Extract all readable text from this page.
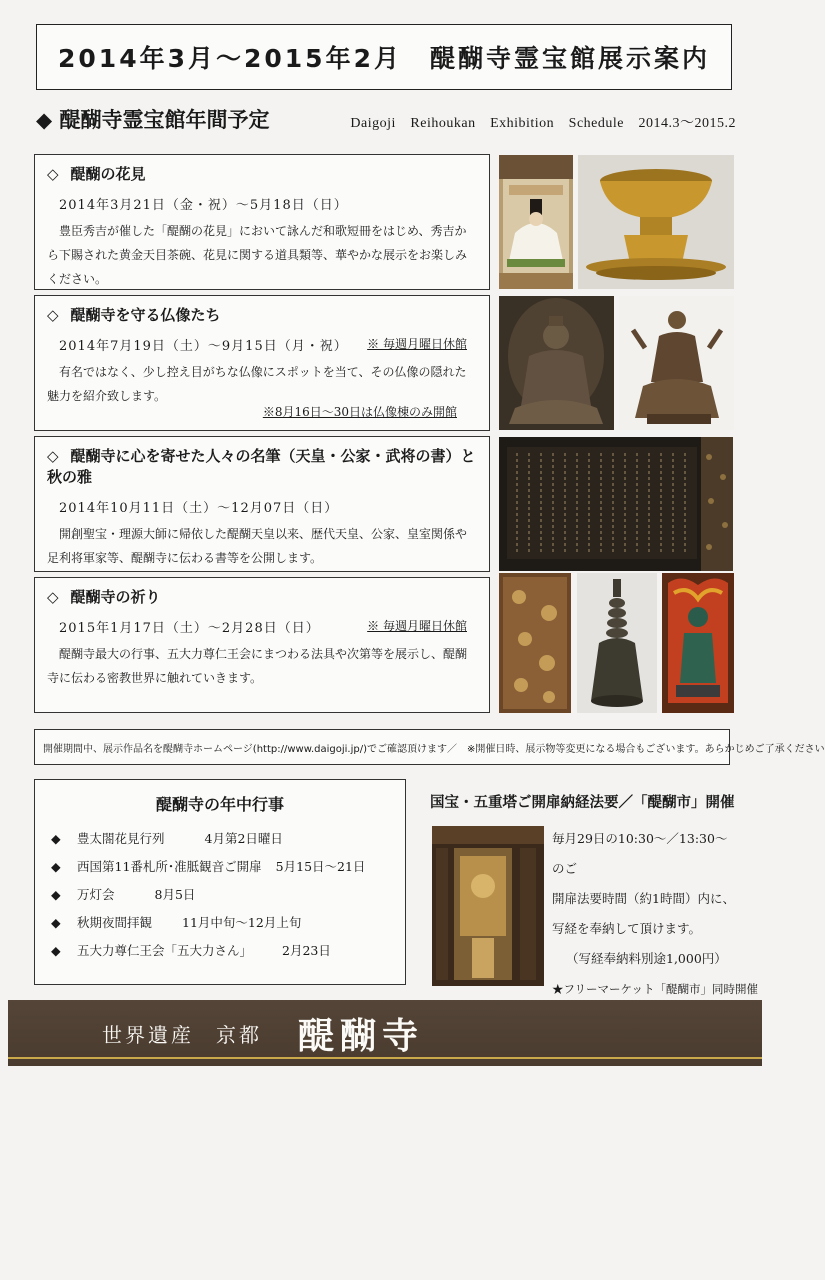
2014年3月〜2015年2月　醍醐寺霊宝館展示案内
◆ 醍醐寺霊宝館年間予定	Daigoji　Reihoukan　Exhibition　Schedule　2014.3〜2015.2
◇ 醍醐の花見
2014年3月21日（金・祝）〜5月18日（日）
豊臣秀吉が催した「醍醐の花見」において詠んだ和歌短冊をはじめ、秀吉から下賜された黄金天目茶碗、花見に関する道具類等、華やかな展示をお楽しみください。
◇ 醍醐寺を守る仏像たち
2014年7月19日（土）〜9月15日（月・祝） ※ 毎週月曜日休館
有名ではなく、少し控え目がちな仏像にスポットを当て、その仏像の隠れた魅力を紹介致します。
※8月16日〜30日は仏像棟のみ開館
◇ 醍醐寺に心を寄せた人々の名筆（天皇・公家・武将の書）と秋の雅
2014年10月11日（土）〜12月07日（日）
開創聖宝・理源大師に帰依した醍醐天皇以来、歴代天皇、公家、皇室関係や足利将軍家等、醍醐寺に伝わる書等を公開します。
◇ 醍醐寺の祈り
2015年1月17日（土）〜2月28日（日）	※ 毎週月曜日休館
醍醐寺最大の行事、五大力尊仁王会にまつわる法具や次第等を展示し、醍醐寺に伝わる密教世界に触れていきます。
開催期間中、展示作品名を醍醐寺ホームページ(http://www.daigoji.jp/)でご確認頂けます／ ※開催日時、展示物等変更になる場合もございます。あらかじめご了承ください
醍醐寺の年中行事
◆	豊太閤花見行列	4月第2日曜日
◆	西国第11番札所･准胝観音ご開扉 5月15日〜21日
◆	万灯会	8月5日
◆	秋期夜間拝観 11月中旬〜12月上旬
◆	五大力尊仁王会「五大力さん」 2月23日
国宝・五重塔ご開扉納経法要／「醍醐市」開催
毎月29日の10:30〜／13:30〜のご
開扉法要時間（約1時間）内に、
写経を奉納して頂けます。
（写経奉納料別途1,000円）
★フリーマーケット「醍醐市」同時開催
世界遺産 京都 醍醐寺
